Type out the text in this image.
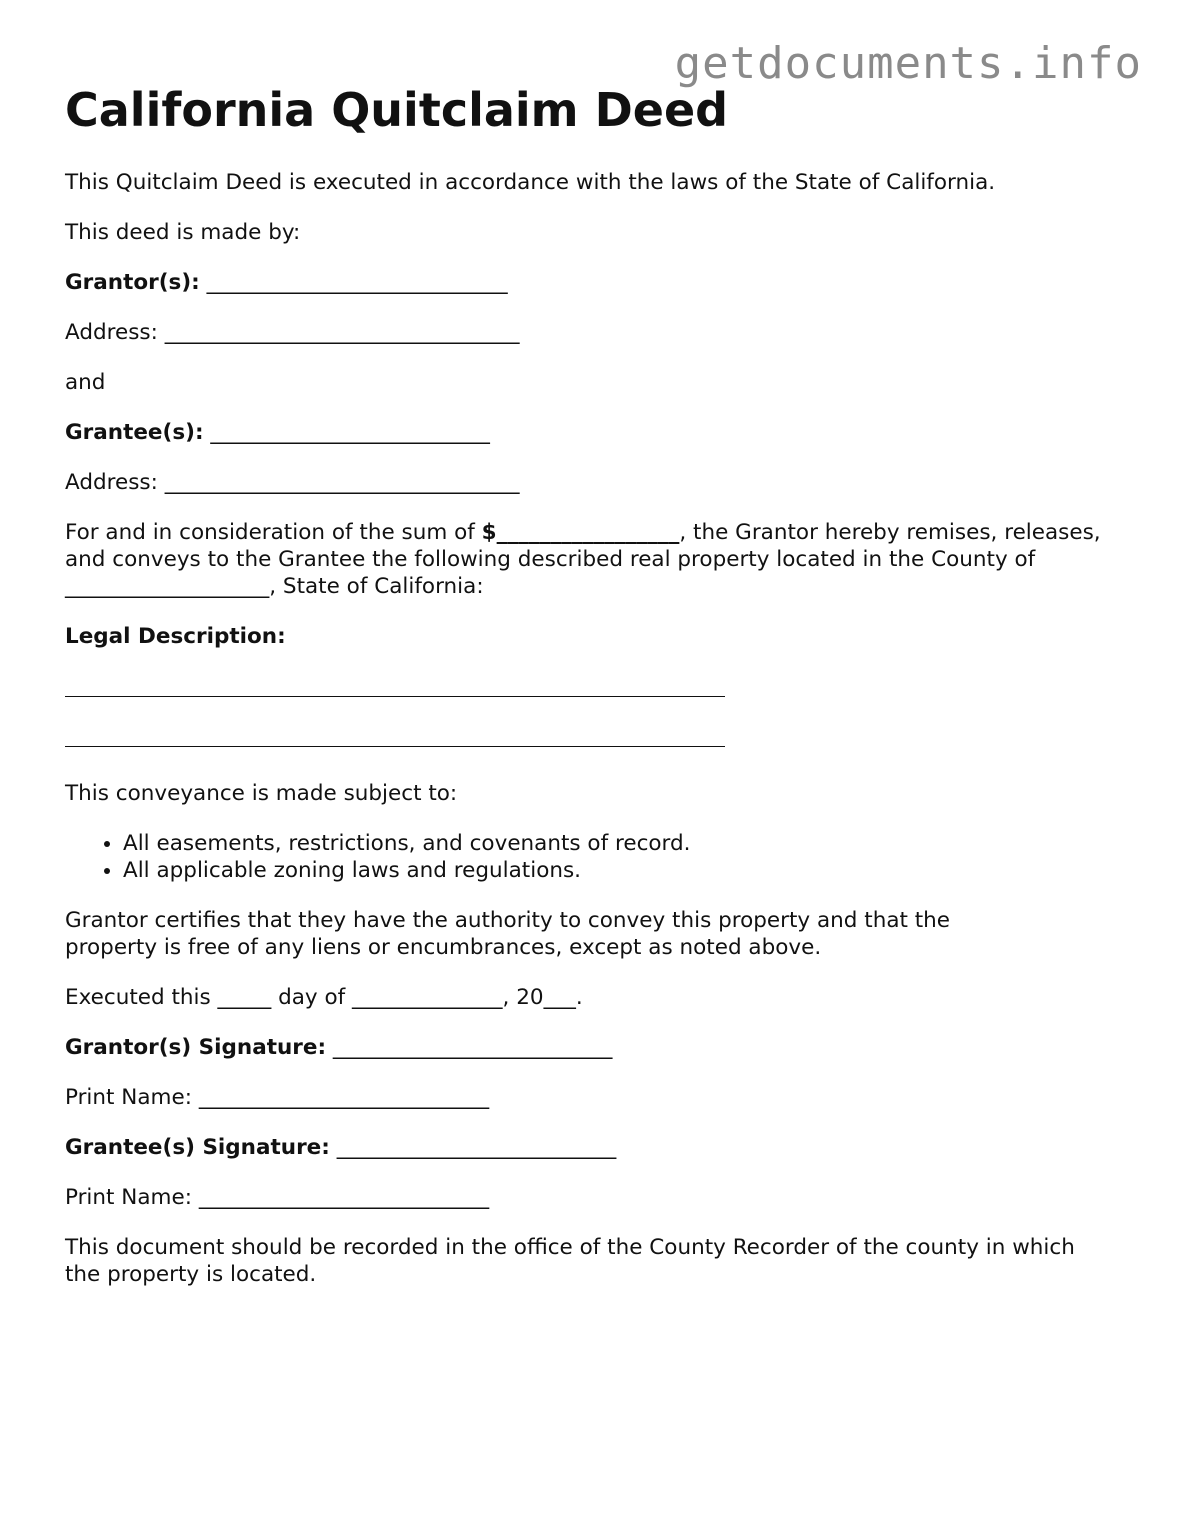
getdocuments.info
California Quitclaim Deed

This Quitclaim Deed is executed in accordance with the laws of the State of California.

This deed is made by:

Grantor(s): ____________________________

Address: _________________________________

and

Grantee(s): __________________________

Address: _________________________________

For and in consideration of the sum of $_________________, the Grantor hereby remises, releases, and conveys to the Grantee the following described real property located in the County of ___________________, State of California:

Legal Description:

This conveyance is made subject to:

• All easements, restrictions, and covenants of record.
• All applicable zoning laws and regulations.

Grantor certifies that they have the authority to convey this property and that the property is free of any liens or encumbrances, except as noted above.

Executed this _____ day of ______________, 20___.

Grantor(s) Signature: __________________________

Print Name: ___________________________

Grantee(s) Signature: __________________________

Print Name: ___________________________

This document should be recorded in the office of the County Recorder of the county in which the property is located.
